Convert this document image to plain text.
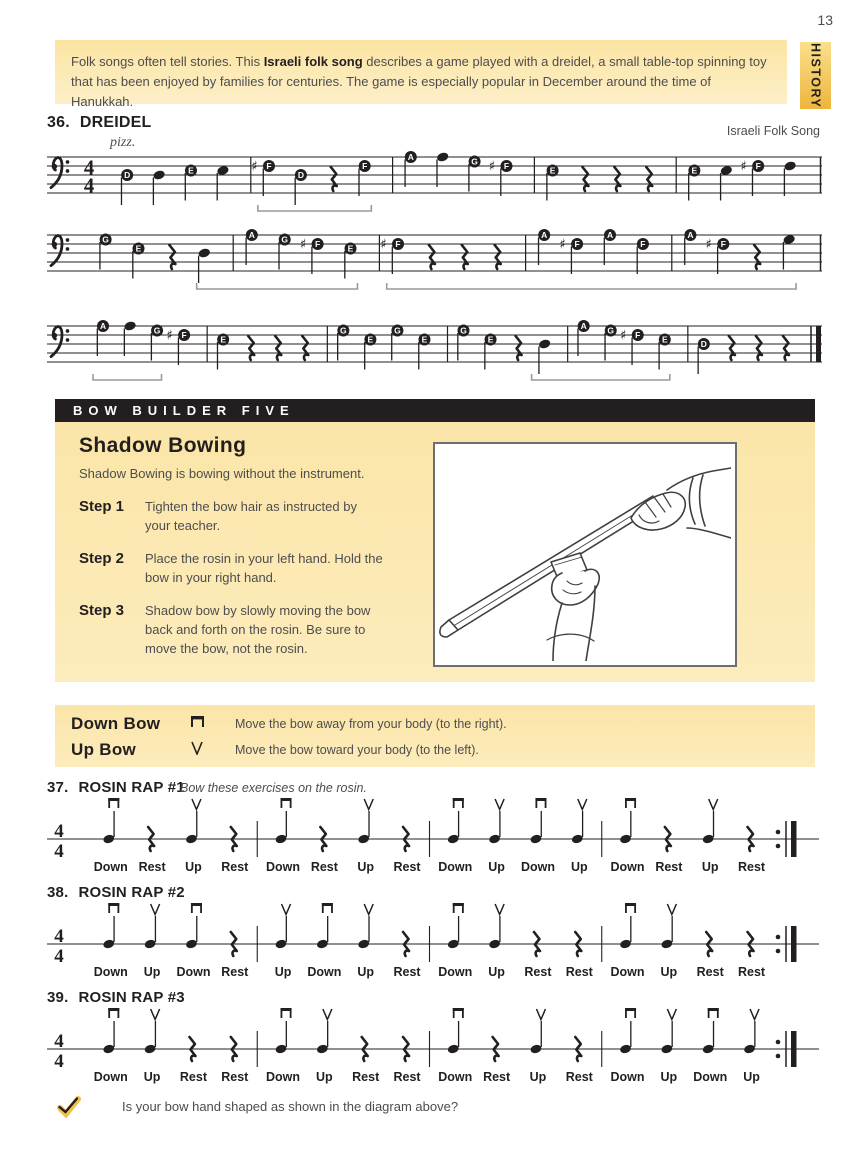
13
HISTORY
Folk songs often tell stories. This Israeli folk song describes a game played with a dreidel, a small table-top spinning toy that has been enjoyed by families for centuries. The game is especially popular in December around the time of Hanukkah.
36. DREIDEL	Israeli Folk Song
pizz.
4
4
D	E	♯ F
D
F
A	G ♯ F	E	E	♯ F
G
E
A	G ♯ F	E ♯ F
A
♯ F
A
F
A
♯ F
A	G ♯ F	E
G
E
G
E
G
E
A G ♯ F	E	D
BOW BUILDER FIVE
Shadow Bowing
Shadow Bowing is bowing without the instrument.
Step 1	Tighten the bow hair as instructed by your teacher.
Step 2	Place the rosin in your left hand. Hold the bow in your right hand.
Step 3	Shadow bow by slowly moving the bow back and forth on the rosin. Be sure to move the bow, not the rosin.
Down Bow	Move the bow away from your body (to the right).
Up Bow	Move the bow toward your body (to the left).
37. ROSIN RAP #1
Bow these exercises on the rosin.
4
4
Down Rest Up Rest Down Rest Up Rest Down Up Down Up Down Rest Up Rest
38. ROSIN RAP #2
4
4
Down Up Down Rest Up Down Up Rest Down Up Rest Rest Down Up Rest Rest
39. ROSIN RAP #3
4
4
Down Up Rest Rest Down Up Rest Rest Down Rest Up Rest Down Up Down Up
Is your bow hand shaped as shown in the diagram above?
